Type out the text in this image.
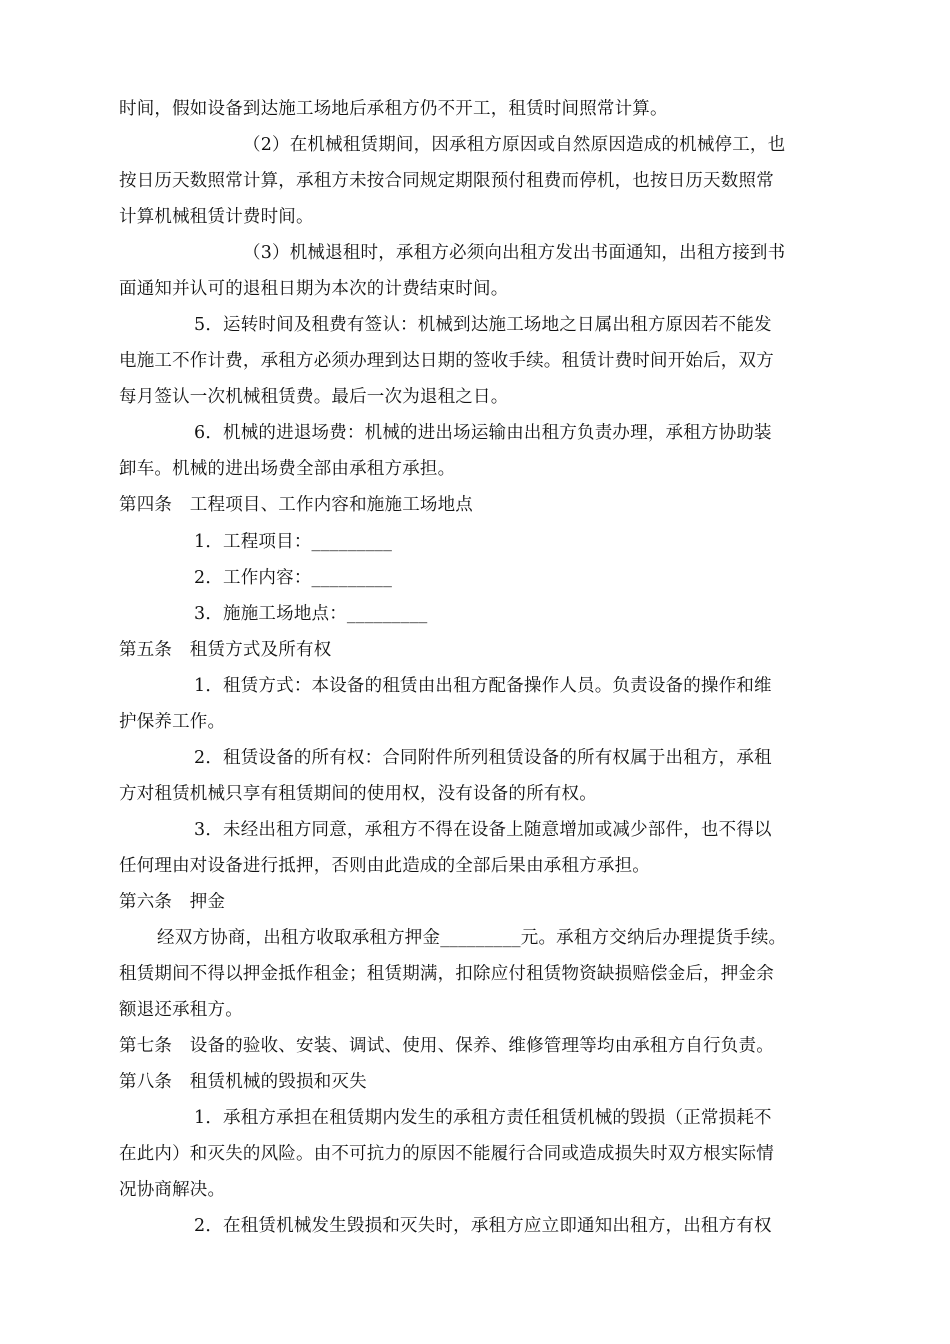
时间，假如设备到达施工场地后承租方仍不开工，租赁时间照常计算。
（2）在机械租赁期间，因承租方原因或自然原因造成的机械停工，也
按日历天数照常计算，承租方未按合同规定期限预付租费而停机，也按日历天数照常
计算机械租赁计费时间。
（3）机械退租时，承租方必须向出租方发出书面通知，出租方接到书
面通知并认可的退租日期为本次的计费结束时间。
5．运转时间及租费有签认：机械到达施工场地之日属出租方原因若不能发
电施工不作计费，承租方必须办理到达日期的签收手续。租赁计费时间开始后，双方
每月签认一次机械租赁费。最后一次为退租之日。
6．机械的进退场费：机械的进出场运输由出租方负责办理，承租方协助装
卸车。机械的进出场费全部由承租方承担。
第四条　工程项目、工作内容和施施工场地点
1．工程项目：_________
2．工作内容：_________
3．施施工场地点：_________
第五条　租赁方式及所有权
1．租赁方式：本设备的租赁由出租方配备操作人员。负责设备的操作和维
护保养工作。
2．租赁设备的所有权：合同附件所列租赁设备的所有权属于出租方，承租
方对租赁机械只享有租赁期间的使用权，没有设备的所有权。
3．未经出租方同意，承租方不得在设备上随意增加或减少部件，也不得以
任何理由对设备进行抵押，否则由此造成的全部后果由承租方承担。
第六条　押金
经双方协商，出租方收取承租方押金_________元。承租方交纳后办理提货手续。
租赁期间不得以押金抵作租金；租赁期满，扣除应付租赁物资缺损赔偿金后，押金余
额退还承租方。
第七条　设备的验收、安装、调试、使用、保养、维修管理等均由承租方自行负责。
第八条　租赁机械的毁损和灭失
1．承租方承担在租赁期内发生的承租方责任租赁机械的毁损（正常损耗不
在此内）和灭失的风险。由不可抗力的原因不能履行合同或造成损失时双方根实际情
况协商解决。
2．在租赁机械发生毁损和灭失时，承租方应立即通知出租方，出租方有权
